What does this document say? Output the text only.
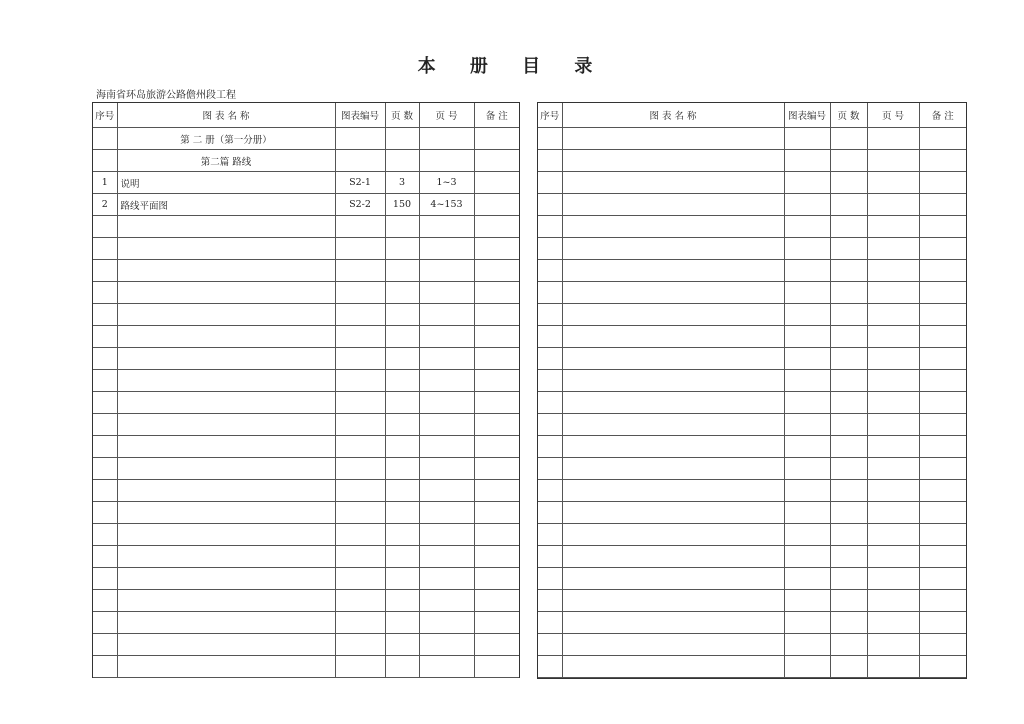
本 册 目 录
海南省环岛旅游公路儋州段工程
序号	图 表 名 称	图表编号	页 数	页 号	备 注
	第 二 册（第一分册）				
	第二篇 路线				
1	说明	S2-1	3	1~3	
2	路线平面图	S2-2	150	4~153	

序号	图 表 名 称	图表编号	页 数	页 号	备 注
